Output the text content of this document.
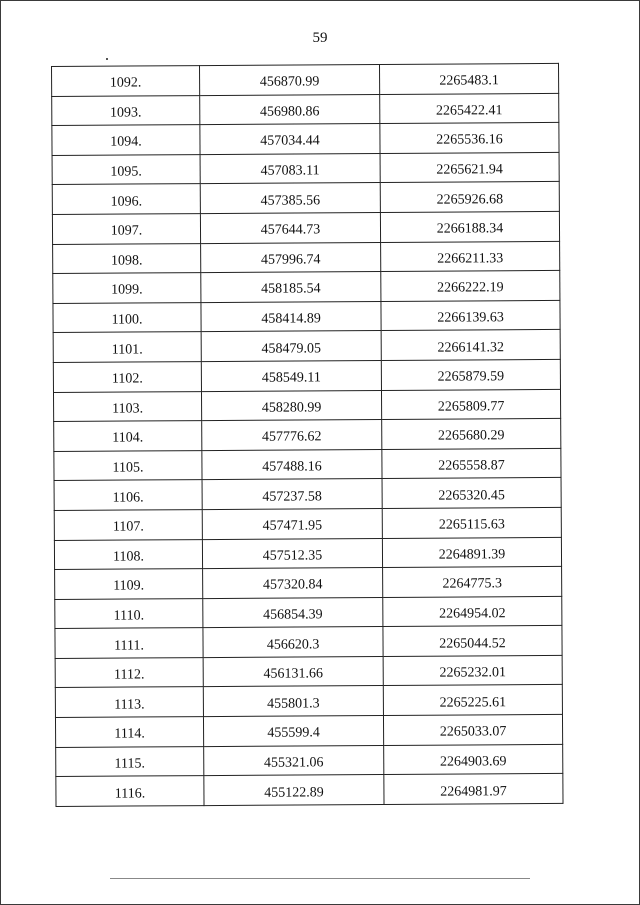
59
1092.	456870.99	2265483.1
1093.	456980.86	2265422.41
1094.	457034.44	2265536.16
1095.	457083.11	2265621.94
1096.	457385.56	2265926.68
1097.	457644.73	2266188.34
1098.	457996.74	2266211.33
1099.	458185.54	2266222.19
1100.	458414.89	2266139.63
1101.	458479.05	2266141.32
1102.	458549.11	2265879.59
1103.	458280.99	2265809.77
1104.	457776.62	2265680.29
1105.	457488.16	2265558.87
1106.	457237.58	2265320.45
1107.	457471.95	2265115.63
1108.	457512.35	2264891.39
1109.	457320.84	2264775.3
1110.	456854.39	2264954.02
1111.	456620.3	2265044.52
1112.	456131.66	2265232.01
1113.	455801.3	2265225.61
1114.	455599.4	2265033.07
1115.	455321.06	2264903.69
1116.	455122.89	2264981.97
